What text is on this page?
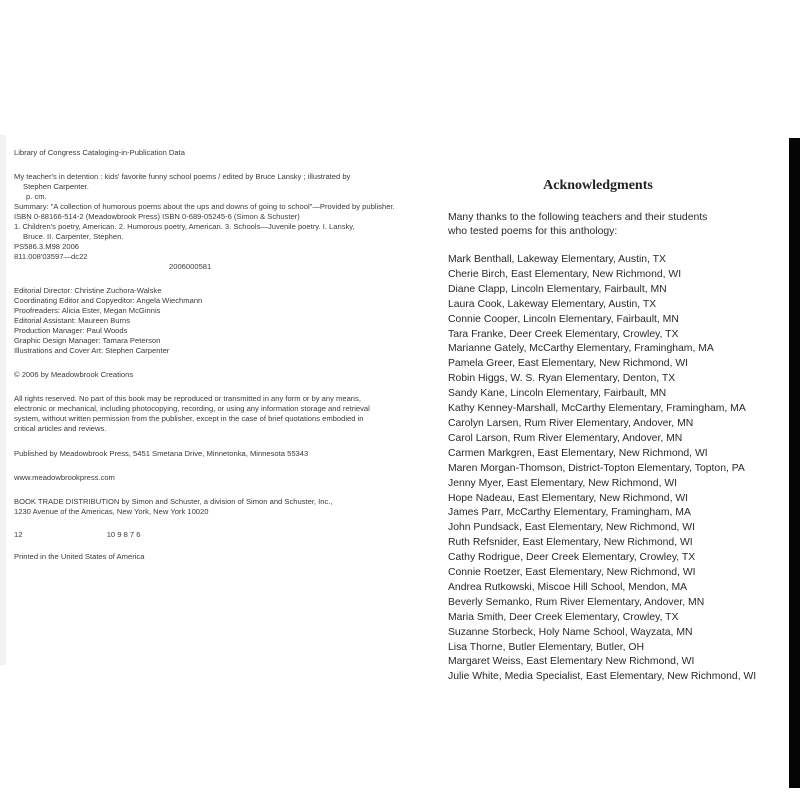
Library of Congress Cataloging-in-Publication Data
My teacher's in detention : kids' favorite funny school poems / edited by Bruce Lansky ; illustrated by
Stephen Carpenter.
p. cm.
Summary: "A collection of humorous poems about the ups and downs of going to school"—Provided by publisher.
ISBN 0-88166-514-2 (Meadowbrook Press) ISBN 0-689-05245-6 (Simon & Schuster)
1. Children's poetry, American. 2. Humorous poetry, American. 3. Schools—Juvenile poetry. I. Lansky,
Bruce. II. Carpenter, Stephen.
PS586.3.M98 2006
811.008'03597—dc22
2006000581
Editorial Director: Christine Zuchora-Walske
Coordinating Editor and Copyeditor: Angela Wiechmann
Proofreaders: Alicia Ester, Megan McGinnis
Editorial Assistant: Maureen Burns
Production Manager: Paul Woods
Graphic Design Manager: Tamara Peterson
Illustrations and Cover Art: Stephen Carpenter
© 2006 by Meadowbrook Creations
All rights reserved. No part of this book may be reproduced or transmitted in any form or by any means,
electronic or mechanical, including photocopying, recording, or using any information storage and retrieval
system, without written permission from the publisher, except in the case of brief quotations embodied in
critical articles and reviews.
Published by Meadowbrook Press, 5451 Smetana Drive, Minnetonka, Minnesota 55343
www.meadowbrookpress.com
BOOK TRADE DISTRIBUTION by Simon and Schuster, a division of Simon and Schuster, Inc.,
1230 Avenue of the Americas, New York, New York 10020
12	10 9 8 7 6
Printed in the United States of America
Acknowledgments
Many thanks to the following teachers and their students
who tested poems for this anthology:
Mark Benthall, Lakeway Elementary, Austin, TX
Cherie Birch, East Elementary, New Richmond, WI
Diane Clapp, Lincoln Elementary, Fairbault, MN
Laura Cook, Lakeway Elementary, Austin, TX
Connie Cooper, Lincoln Elementary, Fairbault, MN
Tara Franke, Deer Creek Elementary, Crowley, TX
Marianne Gately, McCarthy Elementary, Framingham, MA
Pamela Greer, East Elementary, New Richmond, WI
Robin Higgs, W. S. Ryan Elementary, Denton, TX
Sandy Kane, Lincoln Elementary, Fairbault, MN
Kathy Kenney-Marshall, McCarthy Elementary, Framingham, MA
Carolyn Larsen, Rum River Elementary, Andover, MN
Carol Larson, Rum River Elementary, Andover, MN
Carmen Markgren, East Elementary, New Richmond, WI
Maren Morgan-Thomson, District-Topton Elementary, Topton, PA
Jenny Myer, East Elementary, New Richmond, WI
Hope Nadeau, East Elementary, New Richmond, WI
James Parr, McCarthy Elementary, Framingham, MA
John Pundsack, East Elementary, New Richmond, WI
Ruth Refsnider, East Elementary, New Richmond, WI
Cathy Rodrigue, Deer Creek Elementary, Crowley, TX
Connie Roetzer, East Elementary, New Richmond, WI
Andrea Rutkowski, Miscoe Hill School, Mendon, MA
Beverly Semanko, Rum River Elementary, Andover, MN
Maria Smith, Deer Creek Elementary, Crowley, TX
Suzanne Storbeck, Holy Name School, Wayzata, MN
Lisa Thorne, Butler Elementary, Butler, OH
Margaret Weiss, East Elementary New Richmond, WI
Julie White, Media Specialist, East Elementary, New Richmond, WI
